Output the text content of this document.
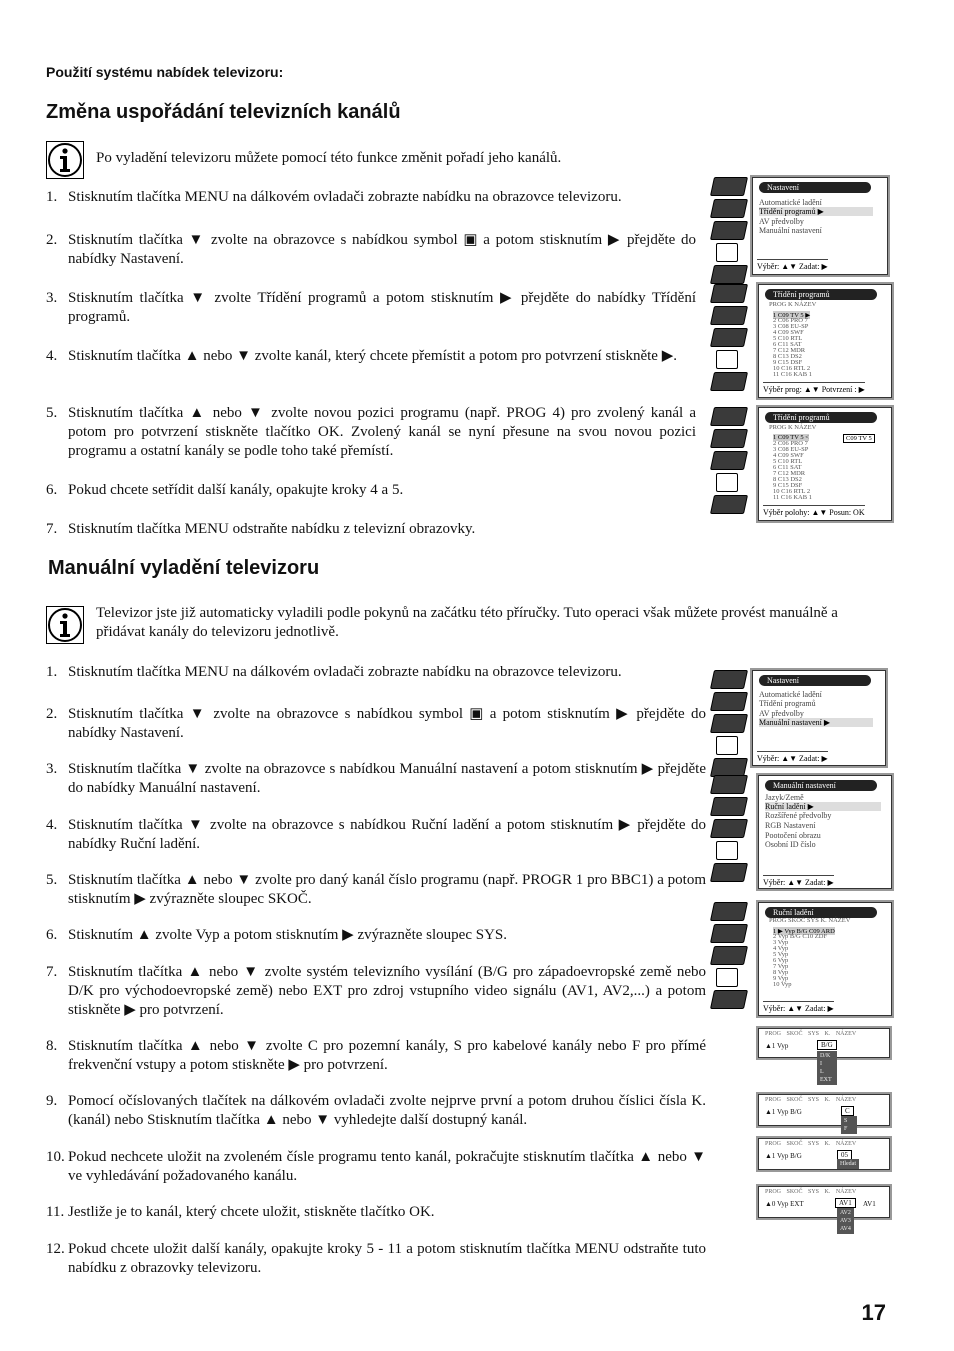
Použití systému nabídek televizoru:
Změna uspořádání televizních kanálů
Po vyladění televizoru můžete pomocí této funkce změnit pořadí jeho kanálů.
1. Stisknutím tlačítka MENU na dálkovém ovladači zobrazte nabídku na obrazovce televizoru.
2. Stisknutím tlačítka ▼ zvolte na obrazovce s nabídkou symbol ▣ a potom stisknutím ▶ přejděte do nabídky Nastavení.
3. Stisknutím tlačítka ▼ zvolte Třídění programů a potom stisknutím ▶ přejděte do nabídky Třídění programů.
4. Stisknutím tlačítka ▲ nebo ▼ zvolte kanál, který chcete přemístit a potom pro potvrzení stiskněte ▶.
5. Stisknutím tlačítka ▲ nebo ▼ zvolte novou pozici programu (např. PROG 4) pro zvolený kanál a potom pro potvrzení stiskněte tlačítko OK. Zvolený kanál se nyní přesune na svou novou pozici programu a ostatní kanály se podle toho také přemístí.
6. Pokud chcete setřídit další kanály, opakujte kroky 4 a 5.
7. Stisknutím tlačítka MENU odstraňte nabídku z televizní obrazovky.
Manuální vyladění televizoru
Televizor jste již automaticky vyladili podle pokynů na začátku této příručky. Tuto operaci však můžete provést manuálně a přidávat kanály do televizoru jednotlivě.
1. Stisknutím tlačítka MENU na dálkovém ovladači zobrazte nabídku na obrazovce televizoru.
2. Stisknutím tlačítka ▼ zvolte na obrazovce s nabídkou symbol ▣ a potom stisknutím ▶ přejděte do nabídky Nastavení.
3. Stisknutím tlačítka ▼ zvolte na obrazovce s nabídkou Manuální nastavení a potom stisknutím ▶ přejděte do nabídky Manuální nastavení.
4. Stisknutím tlačítka ▼ zvolte na obrazovce s nabídkou Ruční ladění a potom stisknutím ▶ přejděte do nabídky Ruční ladění.
5. Stisknutím tlačítka ▲ nebo ▼ zvolte pro daný kanál číslo programu (např. PROGR 1 pro BBC1) a potom stisknutím ▶ zvýrazněte sloupec SKOČ.
6. Stisknutím ▲ zvolte Vyp a potom stisknutím ▶ zvýrazněte sloupec SYS.
7. Stisknutím tlačítka ▲ nebo ▼ zvolte systém televizního vysílání (B/G pro západoevropské země nebo D/K pro východoevropské země) nebo EXT pro zdroj vstupního video signálu (AV1, AV2,...) a potom stiskněte ▶ pro potvrzení.
8. Stisknutím tlačítka ▲ nebo ▼ zvolte C pro pozemní kanály, S pro kabelové kanály nebo F pro přímé frekvenční vstupy a potom stiskněte ▶ pro potvrzení.
9. Pomocí očíslovaných tlačítek na dálkovém ovladači zvolte nejprve první a potom druhou číslici čísla K. (kanál) nebo Stisknutím tlačítka ▲ nebo ▼ vyhledejte další dostupný kanál.
10. Pokud nechcete uložit na zvoleném čísle programu tento kanál, pokračujte stisknutím tlačítka ▲ nebo ▼ ve vyhledávání požadovaného kanálu.
11. Jestliže je to kanál, který chcete uložit, stiskněte tlačítko OK.
12. Pokud chcete uložit další kanály, opakujte kroky 5 - 11 a potom stisknutím tlačítka MENU odstraňte tuto nabídku z obrazovky televizoru.
Nastavení
Automatické ladění
Třídění programů ▶
AV předvolby
Manuální nastavení
Výběr: ▲▼ Zadat: ▶
Třídění programů
PROG K NÁZEV
1 C09 TV 5 ▶
2 C06 PRO 7
3 C08 EU-SP
4 C09 SWF
5 C10 RTL
6 C11 SAT
7 C12 MDR
8 C13 DS2
9 C15 DSF
10 C16 RTL 2
11 C16 KAB 1
Výběr prog: ▲▼ Potvrzení : ▶
Třídění programů
PROG K NÁZEV
C09 TV 5
1 C09 TV 5 <
2 C06 PRO 7
3 C08 EU-SP
4 C09 SWF
5 C10 RTL
6 C11 SAT
7 C12 MDR
8 C13 DS2
9 C15 DSF
10 C16 RTL 2
11 C16 KAB 1
Výběr polohy: ▲▼ Posun: OK
Nastavení
Automatické ladění
Třídění programů
AV předvolby
Manuální nastavení ▶
Výběr: ▲▼ Zadat: ▶
Manuální nastavení
Jazyk/Země
Ruční ladění ▶
Rozšířené předvolby
RGB Nastavení
Pootočení obrazu
Osobní ID číslo
Výběr: ▲▼ Zadat: ▶
Ruční ladění
PROG SKOČ SYS K. NÁZEV
Výběr: ▲▼ Zadat: ▶
1 ▶ Vyp B/G C09 ARD
2 Vyp B/G C10 ZDF
3 Vyp
4 Vyp
5 Vyp
6 Vyp
7 Vyp
8 Vyp
9 Vyp
10 Vyp
PROG SKOČ SYS K. NÁZEV
▲1 Vyp	B/G
D/K
I
L
EXT
PROG SKOČ SYS K. NÁZEV
▲1 Vyp B/G	C
S
F
PROG SKOČ SYS K. NÁZEV
▲1 Vyp B/G	05
Hledat
PROG SKOČ SYS K. NÁZEV
▲0 Vyp EXT	AV1	AV1
AV2
AV3
AV4
17
